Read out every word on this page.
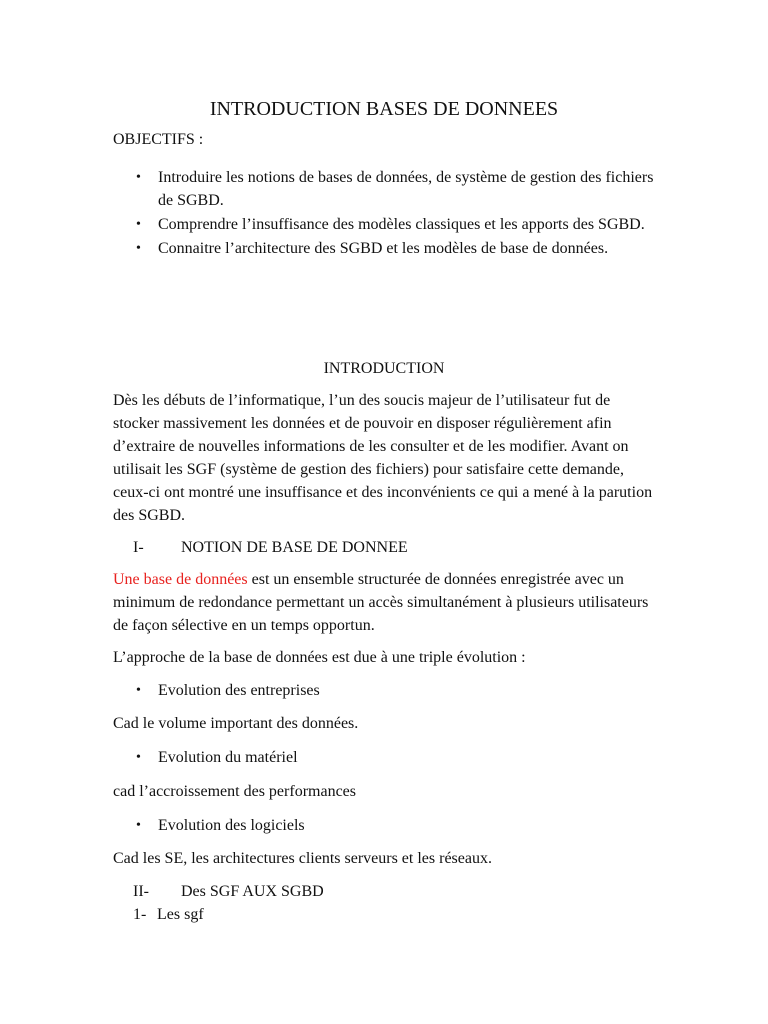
INTRODUCTION BASES DE DONNEES

OBJECTIFS :

• Introduire les notions de bases de données, de système de gestion des fichiers de SGBD.
• Comprendre l’insuffisance des modèles classiques et les apports des SGBD.
• Connaitre l’architecture des SGBD et les modèles de base de données.
INTRODUCTION

Dès les débuts de l’informatique, l’un des soucis majeur de l’utilisateur fut de stocker massivement les données et de pouvoir en disposer régulièrement afin d’extraire de nouvelles informations de les consulter et de les modifier. Avant on utilisait les SGF (système de gestion des fichiers) pour satisfaire cette demande, ceux-ci ont montré une insuffisance et des inconvénients ce qui a mené à la parution des SGBD.

I- NOTION DE BASE DE DONNEE

Une base de données est un ensemble structurée de données enregistrée avec un minimum de redondance permettant un accès simultanément à plusieurs utilisateurs de façon sélective en un temps opportun.

L’approche de la base de données est due à une triple évolution :

• Evolution des entreprises

Cad le volume important des données.

• Evolution du matériel

cad l’accroissement des performances

• Evolution des logiciels

Cad les SE, les architectures clients serveurs et les réseaux.

II- Des SGF AUX SGBD
1- Les sgf
